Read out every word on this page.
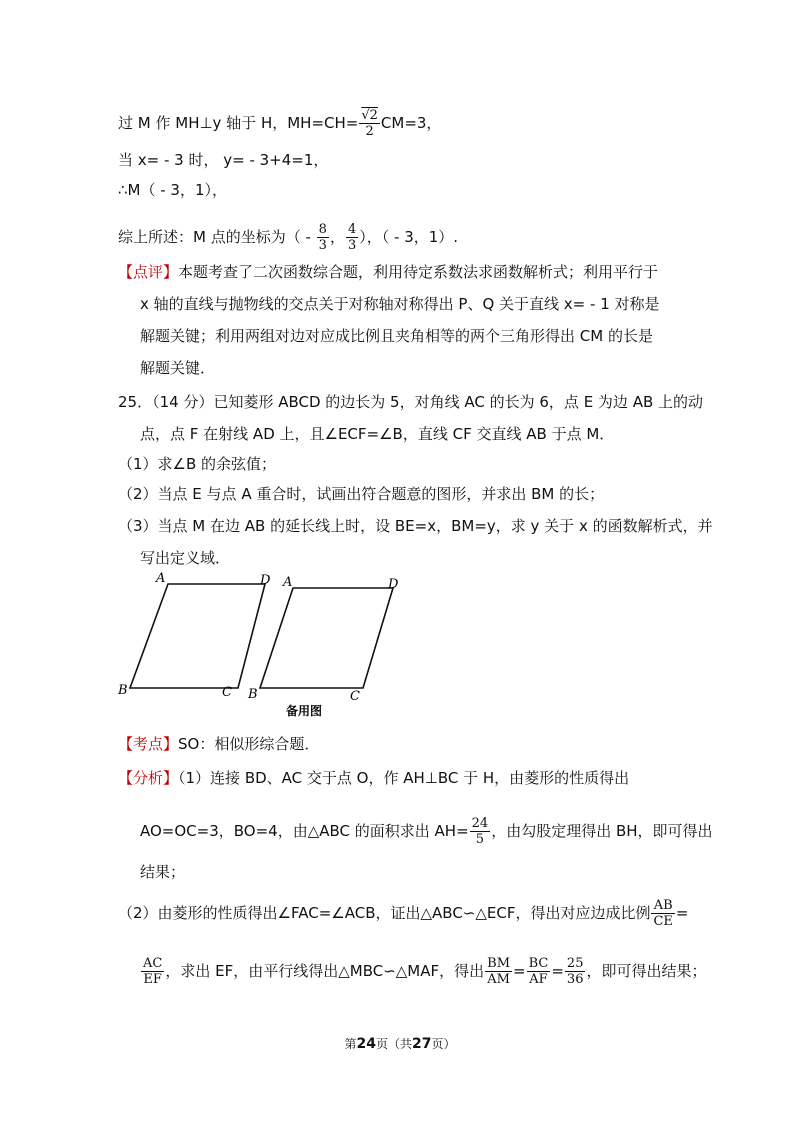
过 M 作 MH⊥y 轴于 H，$MH=CH= \frac{√2}{2} CM=3$，
当 x= ‑ 3 时， y= ‑ 3+4=1，
∴M（ ‑ 3，1），
综上所述：M 点的坐标为（ ‑ $\frac{8}{3}$ ， $\frac{4}{3}$ ），（ ‑ 3，1）.
【点评】本题考查了二次函数综合题，利用待定系数法求函数解析式；利用平行于
x 轴的直线与抛物线的交点关于对称轴对称得出 P、Q 关于直线 x= ‑ 1 对称是
解题关键；利用两组对边对应成比例且夹角相等的两个三角形得出 CM 的长是
解题关键．
25．（14 分）已知菱形 ABCD 的边长为 5，对角线 AC 的长为 6，点 E 为边 AB 上的动
点，点 F 在射线 AD 上，且∠ECF=∠B，直线 CF 交直线 AB 于点 M．
（1）求∠B 的余弦值；
（2）当点 E 与点 A 重合时，试画出符合题意的图形，并求出 BM 的长；
（3）当点 M 在边 AB 的延长线上时，设 BE=x，BM=y，求 y 关于 x 的函数解析式，并
写出定义域．
A	D
B	C
A	D
B	C
备用图
【考点】SO：相似形综合题．
【分析】（1）连接 BD、AC 交于点 O，作 AH⊥BC 于 H，由菱形的性质得出
AO=OC=3，BO=4，由△ABC 的面积求出 $AH= \frac{24}{5}$ ，由勾股定理得出 BH，即可得出
结果；
（2）由菱形的性质得出∠FAC=∠ACB，证出△ABC∽△ECF，得出对应边成比例 $\frac{AB}{CE}$ =
$\frac{AC}{EF}$ ，求出 EF，由平行线得出△MBC∽△MAF，得出 $\frac{BM}{AM} = \frac{BC}{AF} = \frac{25}{36}$ ，即可得出结果；
第24页（共27页）
